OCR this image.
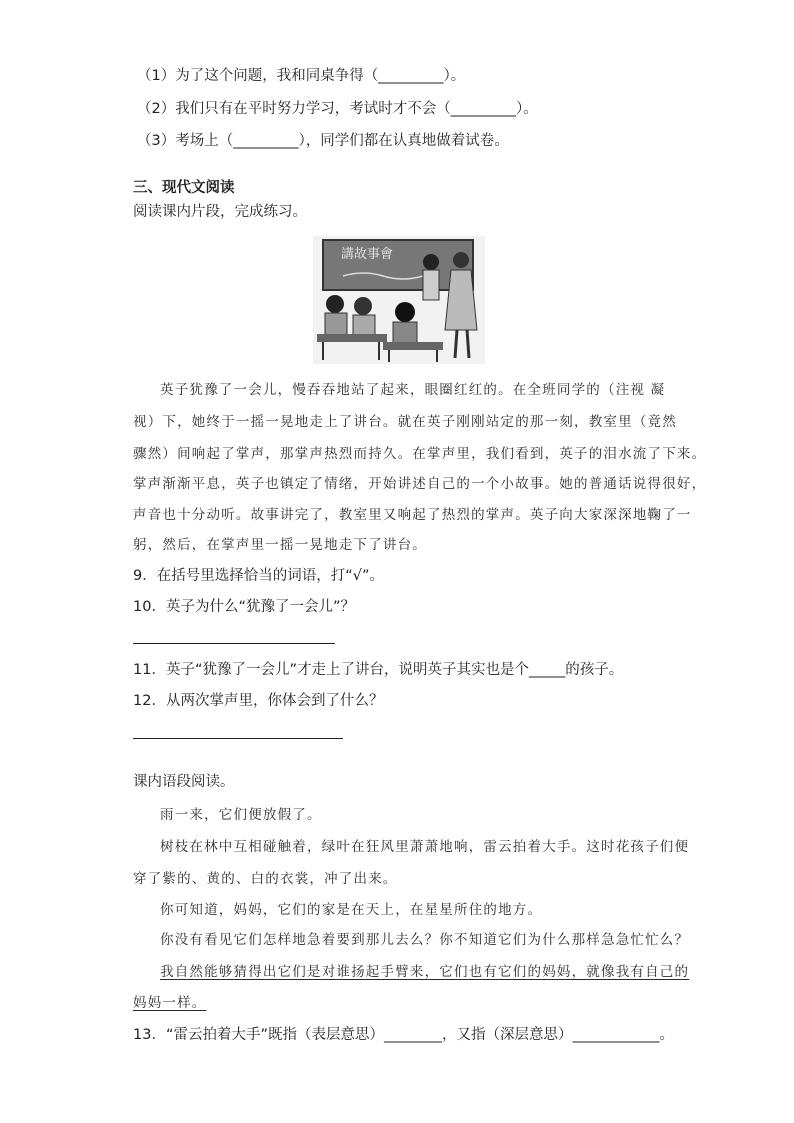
（1）为了这个问题，我和同桌争得（_________）。
（2）我们只有在平时努力学习，考试时才不会（_________）。
（3）考场上（_________），同学们都在认真地做着试卷。
三、现代文阅读
阅读课内片段，完成练习。
講故事會
英子犹豫了一会儿，慢吞吞地站了起来，眼圈红红的。在全班同学的（注视 凝
视）下，她终于一摇一晃地走上了讲台。就在英子刚刚站定的那一刻，教室里（竟然
骤然）间响起了掌声，那掌声热烈而持久。在掌声里，我们看到，英子的泪水流了下来。
掌声渐渐平息，英子也镇定了情绪，开始讲述自己的一个小故事。她的普通话说得很好，
声音也十分动听。故事讲完了，教室里又响起了热烈的掌声。英子向大家深深地鞠了一
躬，然后，在掌声里一摇一晃地走下了讲台。
9．在括号里选择恰当的词语，打“√”。
10．英子为什么“犹豫了一会儿”？
11．英子“犹豫了一会儿”才走上了讲台，说明英子其实也是个_____的孩子。
12．从两次掌声里，你体会到了什么？
课内语段阅读。
雨一来，它们便放假了。
树枝在林中互相碰触着，绿叶在狂风里萧萧地响，雷云拍着大手。这时花孩子们便
穿了紫的、黄的、白的衣裳，冲了出来。
你可知道，妈妈，它们的家是在天上，在星星所住的地方。
你没有看见它们怎样地急着要到那儿去么？你不知道它们为什么那样急急忙忙么？
我自然能够猜得出它们是对谁扬起手臂来，它们也有它们的妈妈，就像我有自己的
妈妈一样。
13．“雷云拍着大手”既指（表层意思）________，又指（深层意思）____________。
